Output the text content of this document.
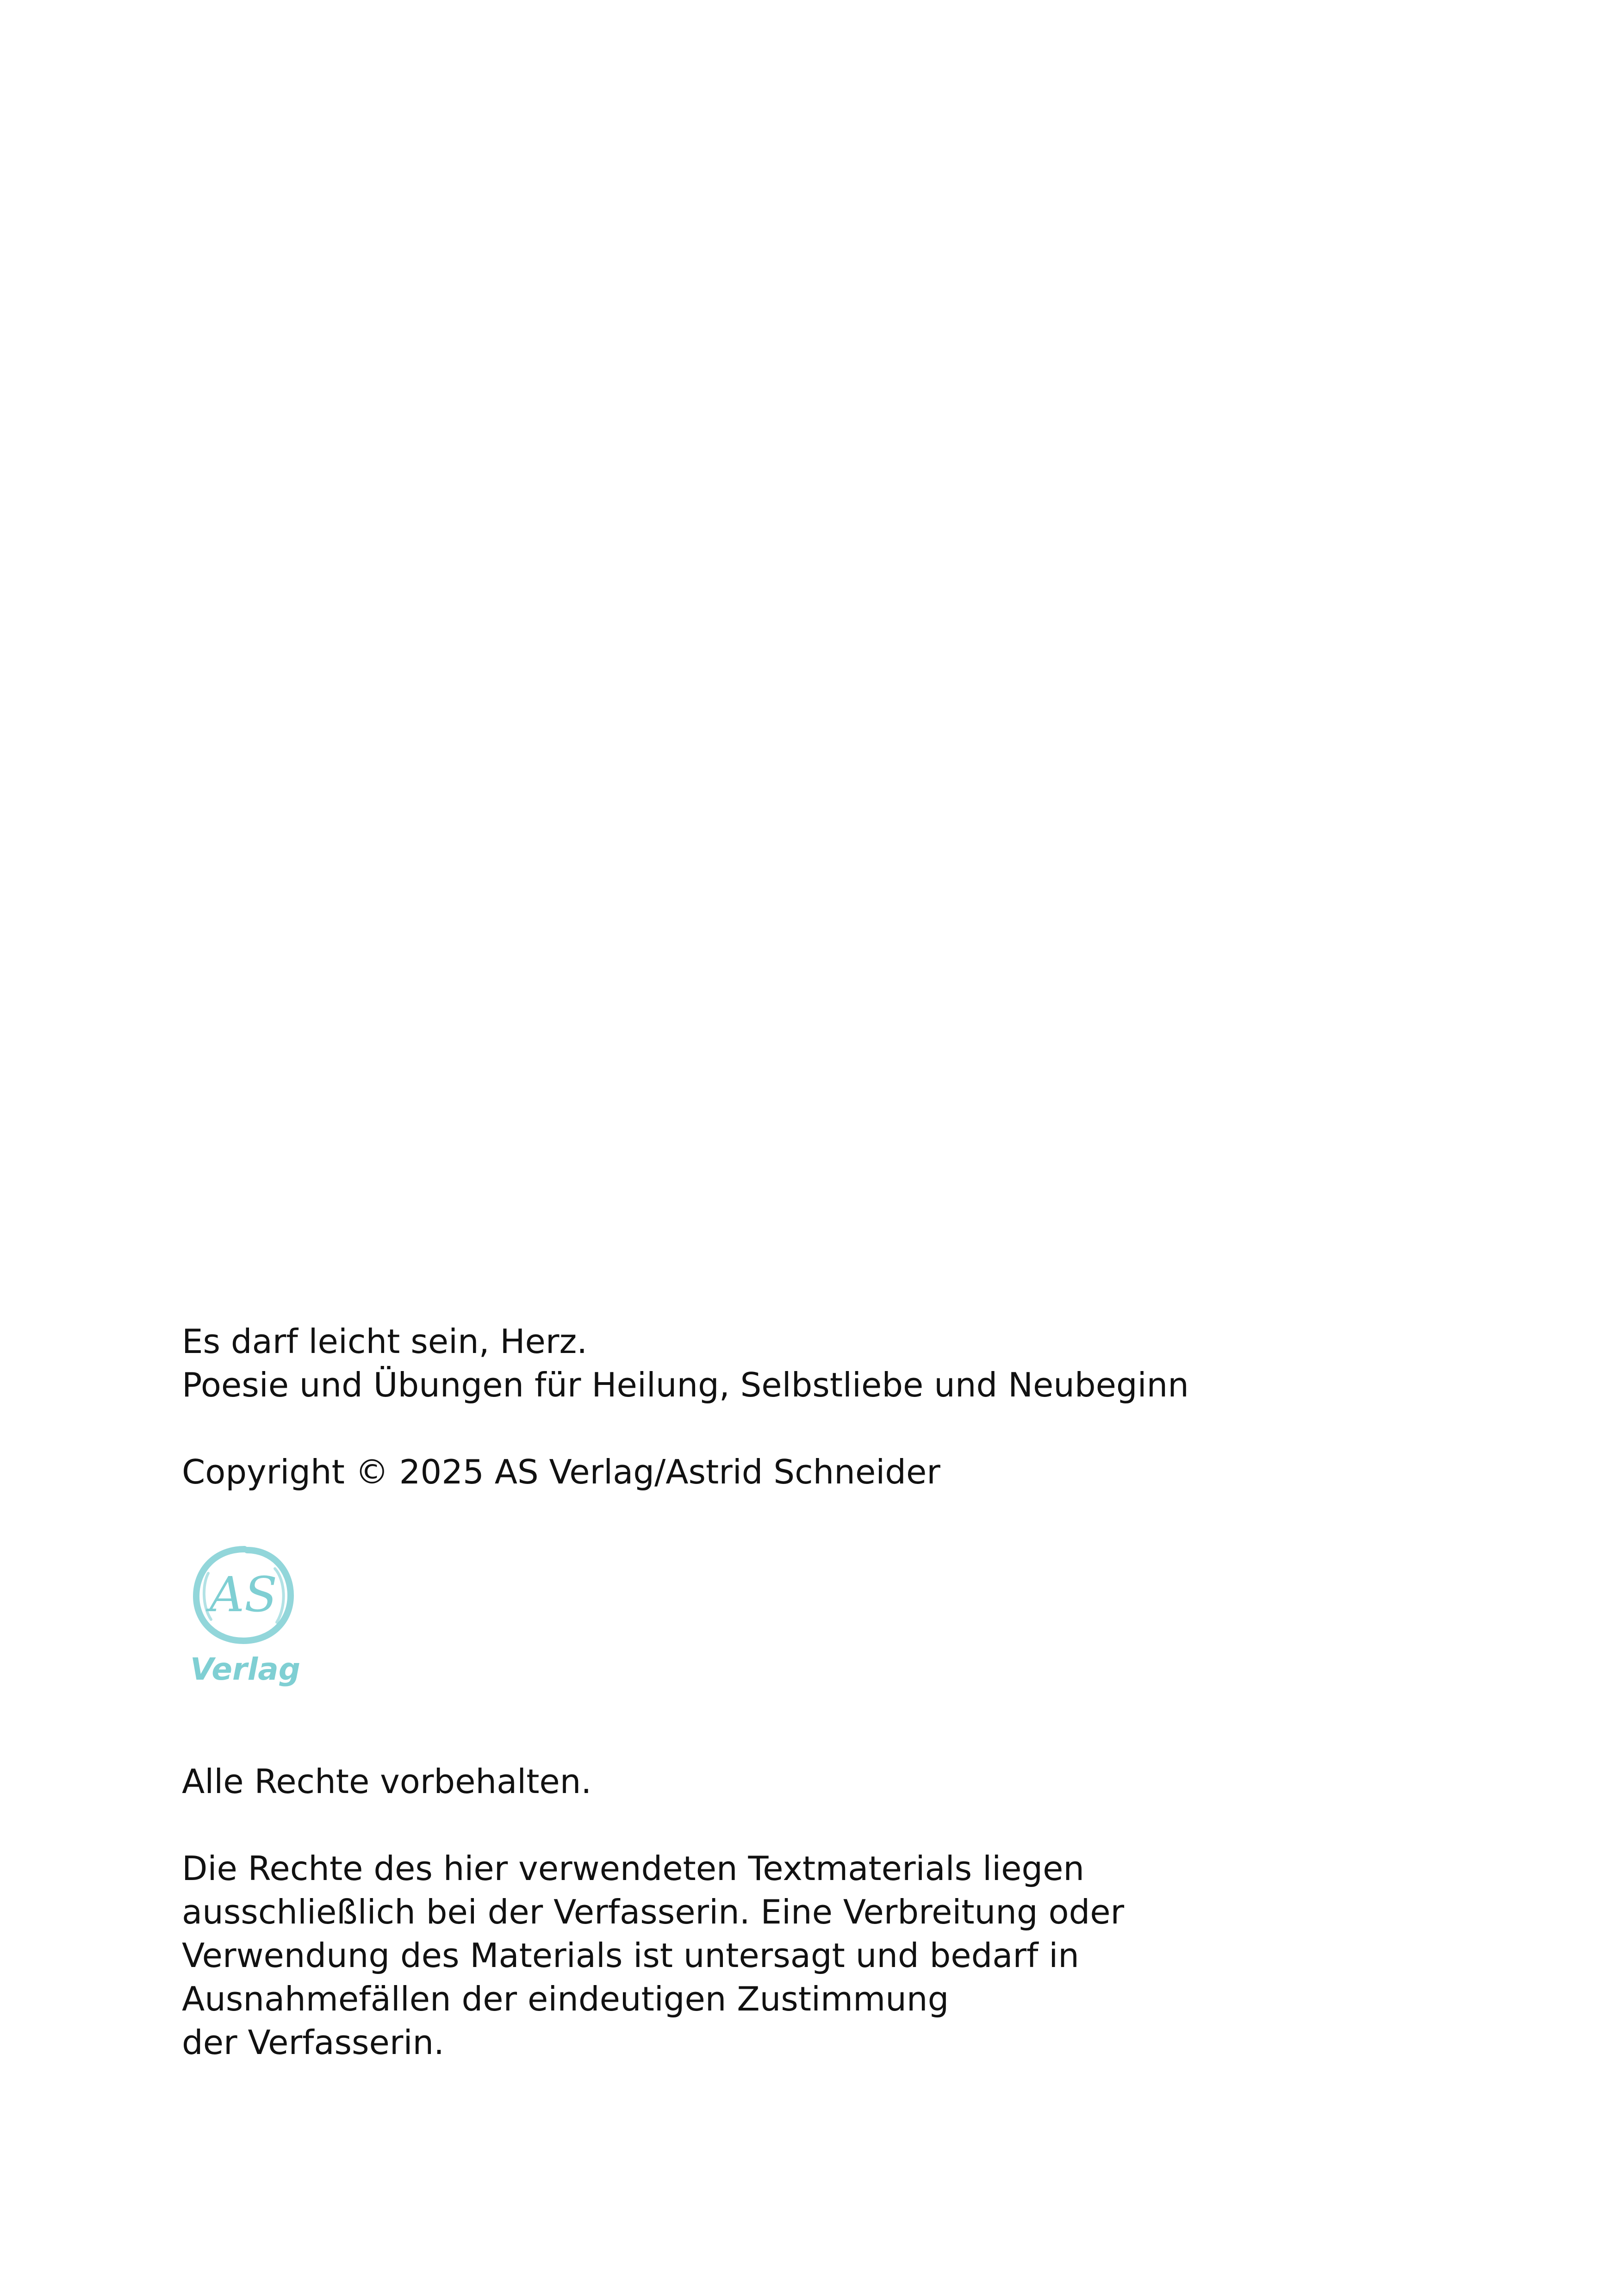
Es darf leicht sein, Herz.

Poesie und Übungen für Heilung, Selbstliebe und Neubeginn

Copyright © 2025 AS Verlag/Astrid Schneider

AS
Verlag

Alle Rechte vorbehalten.

Die Rechte des hier verwendeten Textmaterials liegen

ausschließlich bei der Verfasserin. Eine Verbreitung oder

Verwendung des Materials ist untersagt und bedarf in

Ausnahmefällen der eindeutigen Zustimmung

der Verfasserin.
